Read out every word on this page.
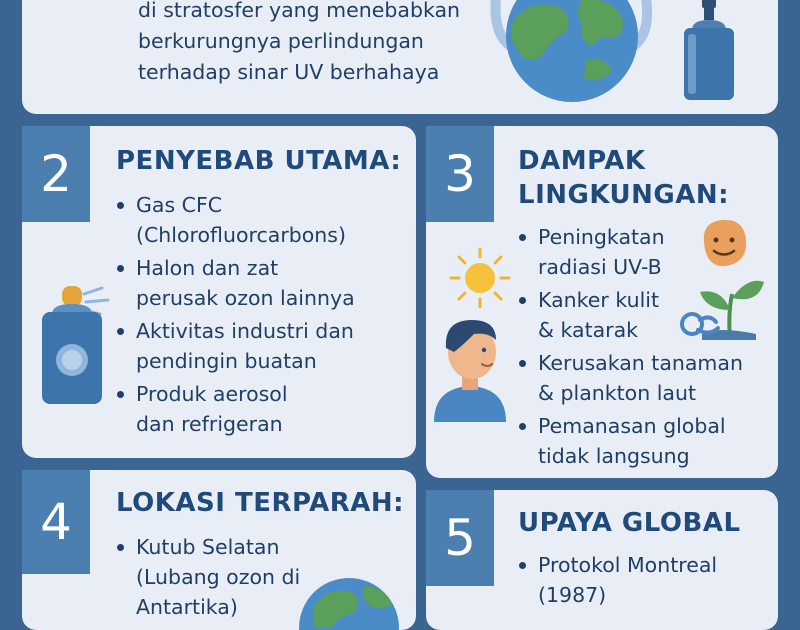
di stratosfer yang menebabkan
berkurungnya perlindungan
terhadap sinar UV berhahaya
2	PENYEBAB UTAMA:
Gas CFC
(Chlorofluorcarbons)
Halon dan zat
perusak ozon lainnya
Aktivitas industri dan
pendingin buatan
Produk aerosol
dan refrigeran
3	DAMPAK
LINGKUNGAN:
Peningkatan
radiasi UV-B
Kanker kulit
& katarak
Kerusakan tanaman
& plankton laut
Pemanasan global
tidak langsung
4	LOKASI TERPARAH:
Kutub Selatan
(Lubang ozon di
Antartika)
5	UPAYA GLOBAL
Protokol Montreal
(1987)
